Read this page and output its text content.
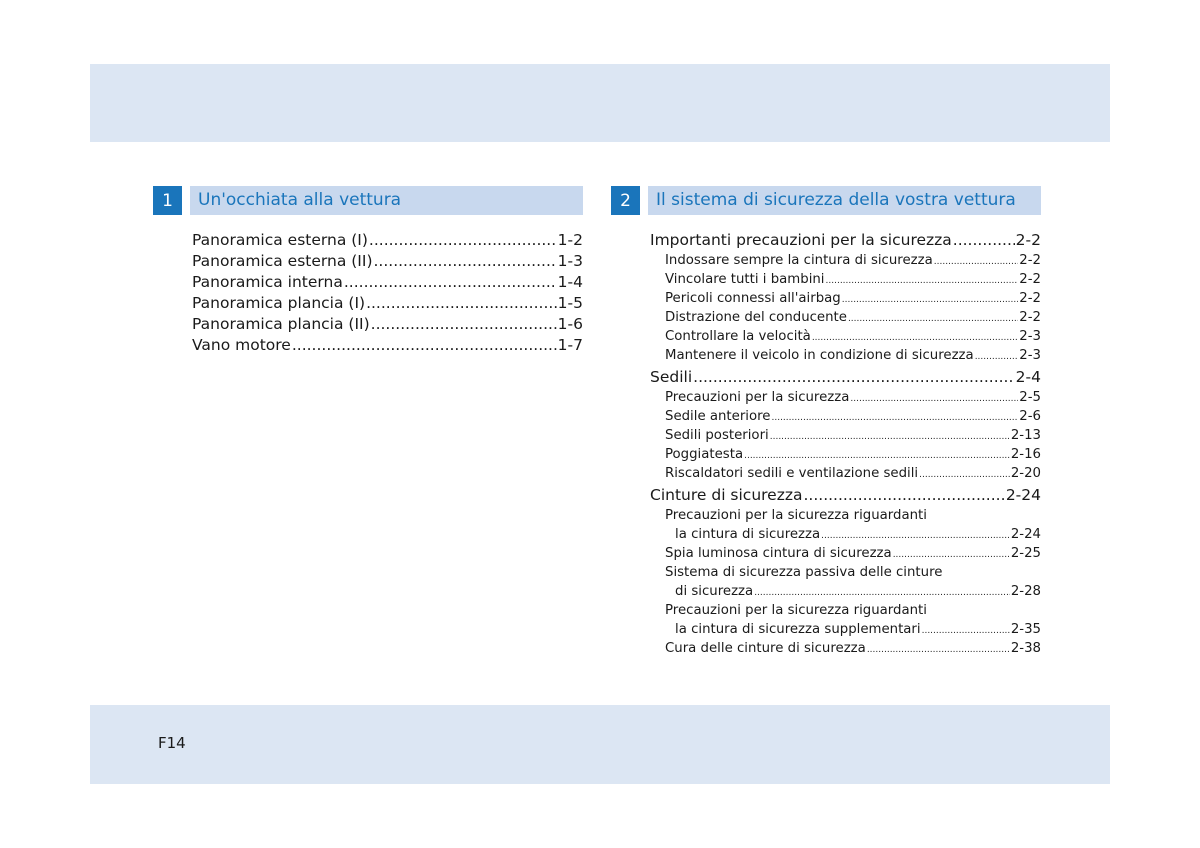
1	Un'occhiata alla vettura
Panoramica esterna (I) .....	1-2
Panoramica esterna (II) .....	1-3
Panoramica interna .....	1-4
Panoramica plancia (I) .....	1-5
Panoramica plancia (II) .....	1-6
Vano motore .....	1-7
2	Il sistema di sicurezza della vostra vettura
Importanti precauzioni per la sicurezza .....	2-2
Indossare sempre la cintura di sicurezza .....	2-2
Vincolare tutti i bambini .....	2-2
Pericoli connessi all'airbag .....	2-2
Distrazione del conducente .....	2-2
Controllare la velocità .....	2-3
Mantenere il veicolo in condizione di sicurezza .....	2-3
Sedili .....	2-4
Precauzioni per la sicurezza .....	2-5
Sedile anteriore .....	2-6
Sedili posteriori .....	2-13
Poggiatesta .....	2-16
Riscaldatori sedili e ventilazione sedili .....	2-20
Cinture di sicurezza .....	2-24
Precauzioni per la sicurezza riguardanti
la cintura di sicurezza .....	2-24
Spia luminosa cintura di sicurezza .....	2-25
Sistema di sicurezza passiva delle cinture
di sicurezza .....	2-28
Precauzioni per la sicurezza riguardanti
la cintura di sicurezza supplementari .....	2-35
Cura delle cinture di sicurezza .....	2-38
F14
